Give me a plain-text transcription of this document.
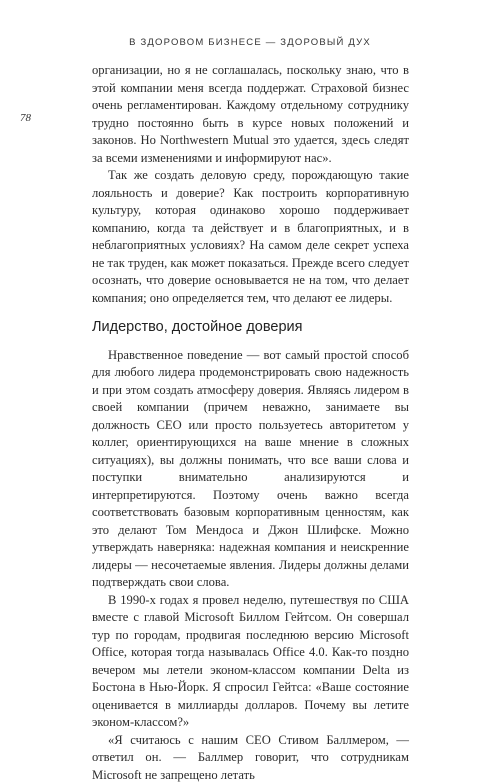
В ЗДОРОВОМ БИЗНЕСЕ — ЗДОРОВЫЙ ДУХ
78

организации, но я не соглашалась, поскольку знаю, что в этой компании меня всегда поддержат. Страховой бизнес очень регламентирован. Каждому отдельному сотруднику трудно постоянно быть в курсе новых положений и законов. Но Northwestern Mutual это удается, здесь следят за всеми изменениями и информируют нас».

Так же создать деловую среду, порождающую такие лояльность и доверие? Как построить корпоративную культуру, которая одинаково хорошо поддерживает компанию, когда та действует и в благоприятных, и в неблагоприятных условиях? На самом деле секрет успеха не так труден, как может показаться. Прежде всего следует осознать, что доверие основывается не на том, что делает компания; оно определяется тем, что делают ее лидеры.

Лидерство, достойное доверия

Нравственное поведение — вот самый простой способ для любого лидера продемонстрировать свою надежность и при этом создать атмосферу доверия. Являясь лидером в своей компании (причем неважно, занимаете вы должность CEO или просто пользуетесь авторитетом у коллег, ориентирующихся на ваше мнение в сложных ситуациях), вы должны понимать, что все ваши слова и поступки внимательно анализируются и интерпретируются. Поэтому очень важно всегда соответствовать базовым корпоративным ценностям, как это делают Том Мендоса и Джон Шлифске. Можно утверждать наверняка: надежная компания и неискренние лидеры — несочетаемые явления. Лидеры должны делами подтверждать свои слова.

В 1990-х годах я провел неделю, путешествуя по США вместе с главой Microsoft Биллом Гейтсом. Он совершал тур по городам, продвигая последнюю версию Microsoft Office, которая тогда называлась Office 4.0. Как-то поздно вечером мы летели эконом-классом компании Delta из Бостона в Нью-Йорк. Я спросил Гейтса: «Ваше состояние оценивается в миллиарды долларов. Почему вы летите эконом-классом?»

«Я считаюсь с нашим CEO Стивом Баллмером, — ответил он. — Баллмер говорит, что сотрудникам Microsoft не запрещено летать
